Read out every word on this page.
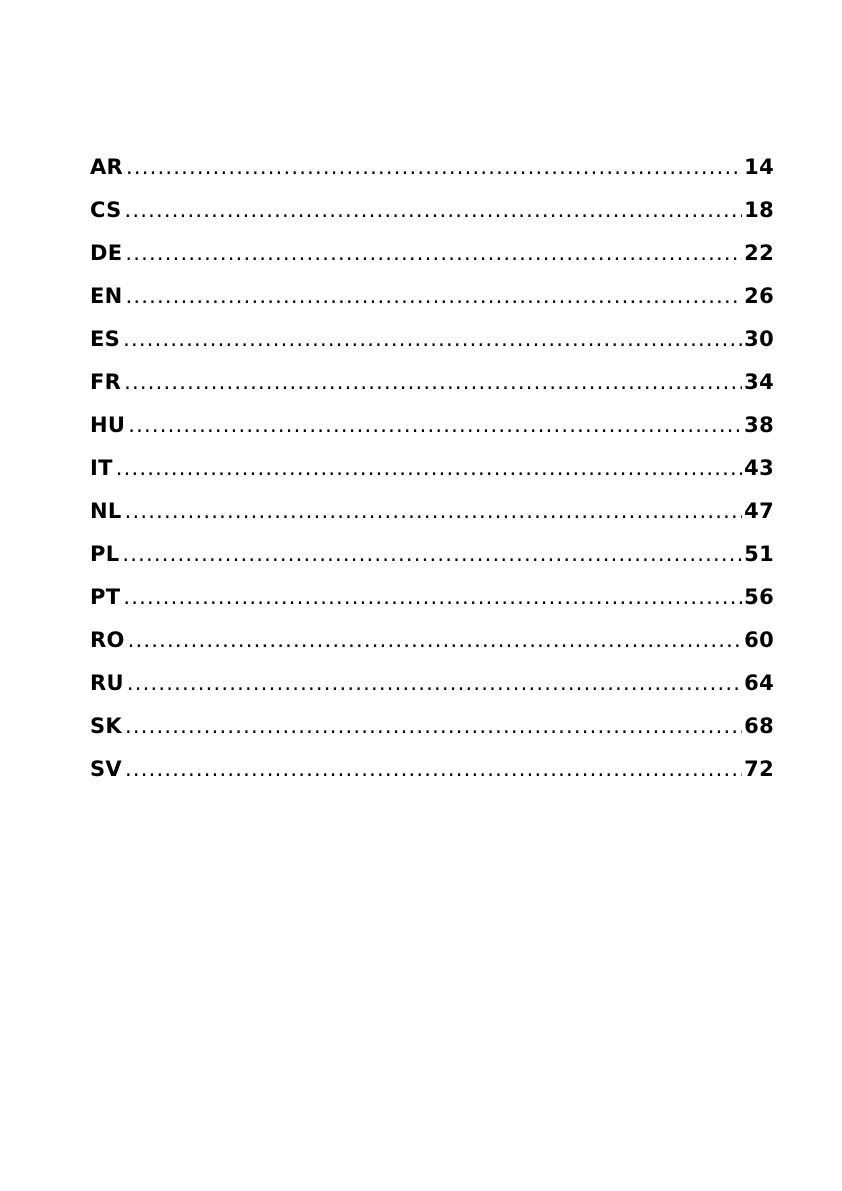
AR .....	14
CS .....	18
DE .....	22
EN .....	26
ES .....	30
FR .....	34
HU .....	38
IT .....	43
NL .....	47
PL .....	51
PT .....	56
RO .....	60
RU .....	64
SK .....	68
SV .....	72
